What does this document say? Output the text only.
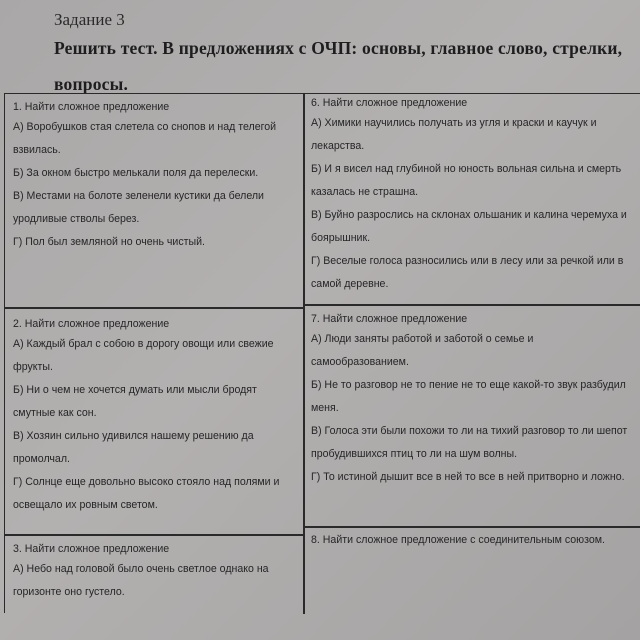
Задание 3
Решить тест. В предложениях с ОЧП: основы, главное слово, стрелки, вопросы.

1. Найти сложное предложение

А) Воробушков стая слетела со снопов и над телегой взвилась.

Б) За окном быстро мелькали поля да перелески.

В) Местами на болоте зеленели кустики да белели уродливые стволы берез.

Г) Пол был земляной но очень чистый.

6. Найти сложное предложение

А) Химики научились получать из угля и краски и каучук и лекарства.

Б) И я висел над глубиной но юность вольная сильна и смерть казалась не страшна.

В) Буйно разрослись на склонах ольшаник и калина черемуха и боярышник.

Г) Веселые голоса разносились или в лесу или за речкой или в самой деревне.

2. Найти сложное предложение

А) Каждый брал с собою в дорогу овощи или свежие фрукты.

Б) Ни о чем не хочется думать или мысли бродят смутные как сон.

В) Хозяин сильно удивился нашему решению да промолчал.

Г) Солнце еще довольно высоко стояло над полями и освещало их ровным светом.

7. Найти сложное предложение

А) Люди заняты работой и заботой о семье и самообразованием.

Б) Не то разговор не то пение не то еще какой-то звук разбудил меня.

В) Голоса эти были похожи то ли на тихий разговор то ли шепот пробудившихся птиц то ли на шум волны.

Г) То истиной дышит все в ней то все в ней притворно и ложно.

3. Найти сложное предложение

А) Небо над головой было очень светлое однако на горизонте оно густело.

8. Найти сложное предложение с соединительным союзом.
